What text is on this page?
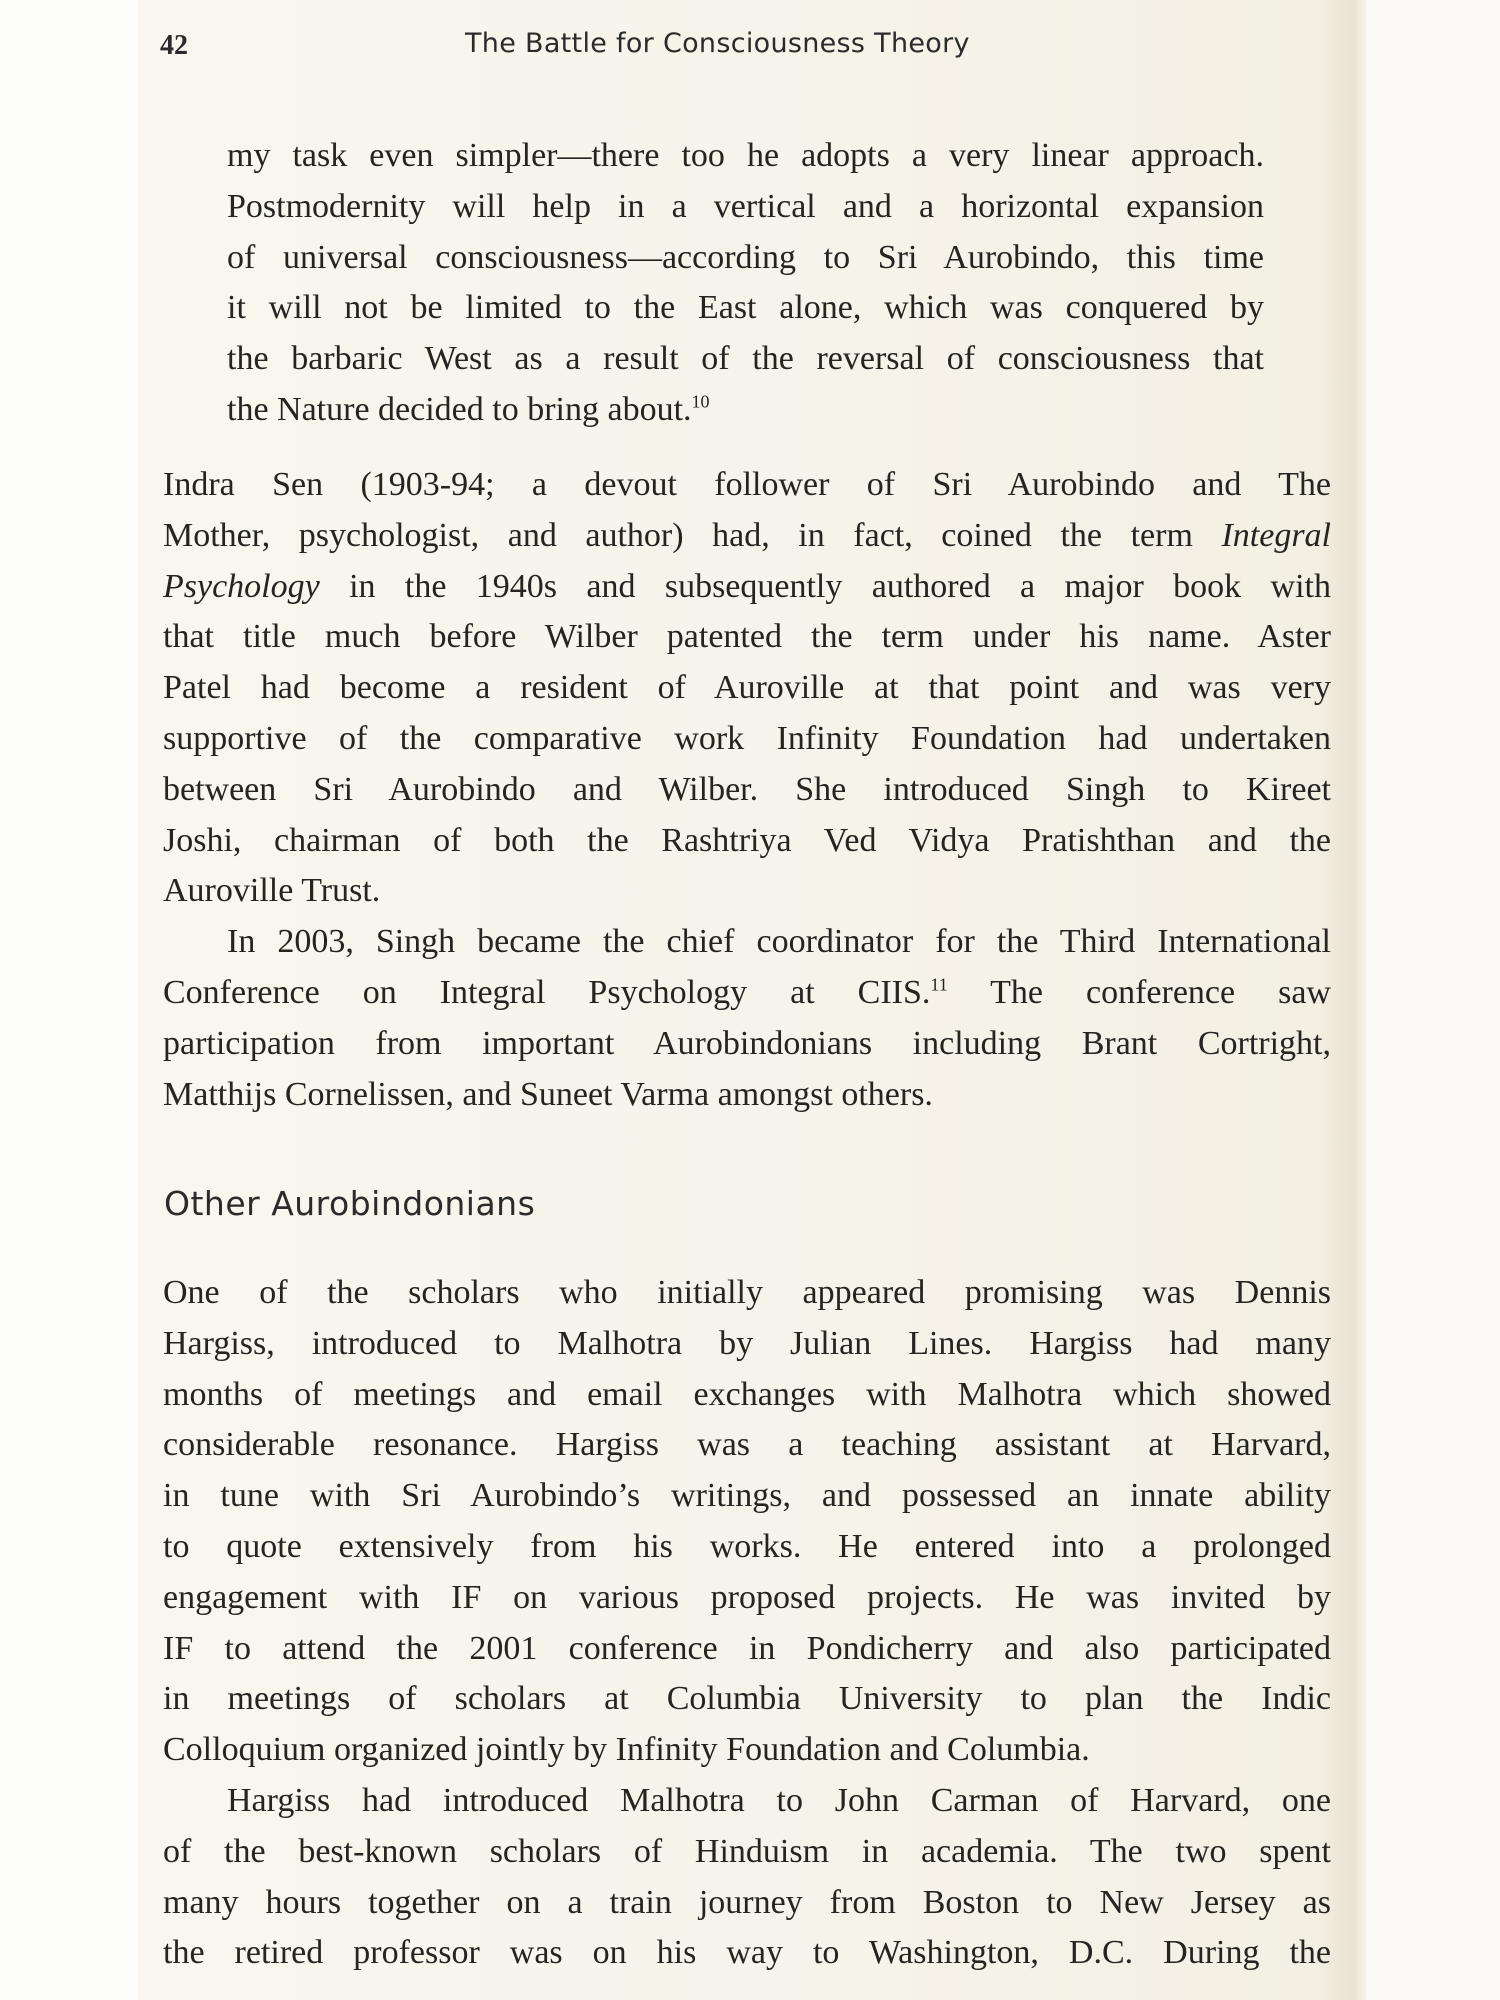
42	The Battle for Consciousness Theory
my task even simpler—there too he adopts a very linear approach.
Postmodernity will help in a vertical and a horizontal expansion
of universal consciousness—according to Sri Aurobindo, this time
it will not be limited to the East alone, which was conquered by
the barbaric West as a result of the reversal of consciousness that
the Nature decided to bring about.$^{10}$
Indra Sen (1903-94; a devout follower of Sri Aurobindo and The
Mother, psychologist, and author) had, in fact, coined the term Integral
Psychology in the 1940s and subsequently authored a major book with
that title much before Wilber patented the term under his name. Aster
Patel had become a resident of Auroville at that point and was very
supportive of the comparative work Infinity Foundation had undertaken
between Sri Aurobindo and Wilber. She introduced Singh to Kireet
Joshi, chairman of both the Rashtriya Ved Vidya Pratishthan and the
Auroville Trust.
In 2003, Singh became the chief coordinator for the Third International
Conference on Integral Psychology at CIIS.$^{11}$ The conference saw
participation from important Aurobindonians including Brant Cortright,
Matthijs Cornelissen, and Suneet Varma amongst others.
Other Aurobindonians
One of the scholars who initially appeared promising was Dennis
Hargiss, introduced to Malhotra by Julian Lines. Hargiss had many
months of meetings and email exchanges with Malhotra which showed
considerable resonance. Hargiss was a teaching assistant at Harvard,
in tune with Sri Aurobindo’s writings, and possessed an innate ability
to quote extensively from his works. He entered into a prolonged
engagement with IF on various proposed projects. He was invited by
IF to attend the 2001 conference in Pondicherry and also participated
in meetings of scholars at Columbia University to plan the Indic
Colloquium organized jointly by Infinity Foundation and Columbia.
Hargiss had introduced Malhotra to John Carman of Harvard, one
of the best-known scholars of Hinduism in academia. The two spent
many hours together on a train journey from Boston to New Jersey as
the retired professor was on his way to Washington, D.C. During the
